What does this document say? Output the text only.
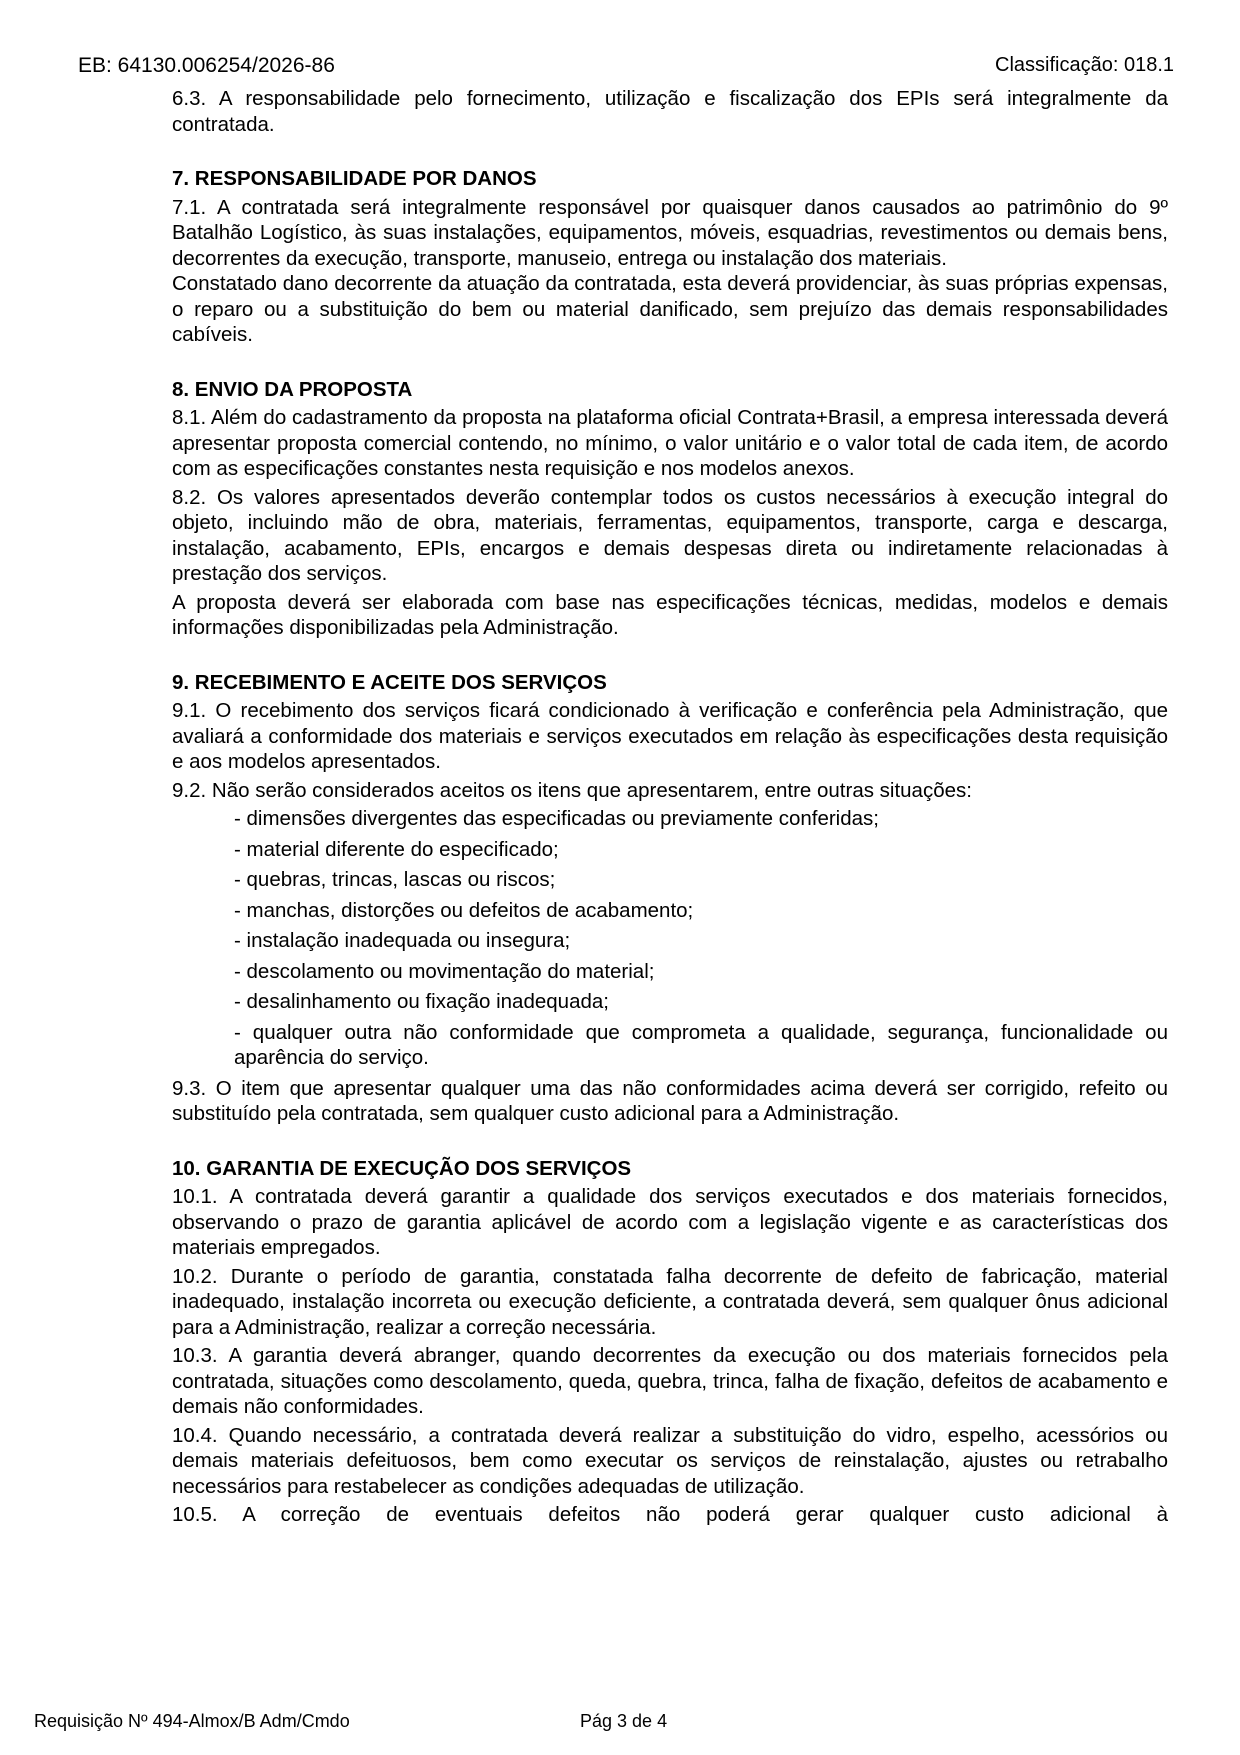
EB: 64130.006254/2026-86	Classificação: 018.1

6.3. A responsabilidade pelo fornecimento, utilização e fiscalização dos EPIs será integralmente da contratada.

7. RESPONSABILIDADE POR DANOS

7.1. A contratada será integralmente responsável por quaisquer danos causados ao patrimônio do 9º Batalhão Logístico, às suas instalações, equipamentos, móveis, esquadrias, revestimentos ou demais bens, decorrentes da execução, transporte, manuseio, entrega ou instalação dos materiais.

Constatado dano decorrente da atuação da contratada, esta deverá providenciar, às suas próprias expensas, o reparo ou a substituição do bem ou material danificado, sem prejuízo das demais responsabilidades cabíveis.

8. ENVIO DA PROPOSTA

8.1. Além do cadastramento da proposta na plataforma oficial Contrata+Brasil, a empresa interessada deverá apresentar proposta comercial contendo, no mínimo, o valor unitário e o valor total de cada item, de acordo com as especificações constantes nesta requisição e nos modelos anexos.

8.2. Os valores apresentados deverão contemplar todos os custos necessários à execução integral do objeto, incluindo mão de obra, materiais, ferramentas, equipamentos, transporte, carga e descarga, instalação, acabamento, EPIs, encargos e demais despesas direta ou indiretamente relacionadas à prestação dos serviços.

A proposta deverá ser elaborada com base nas especificações técnicas, medidas, modelos e demais informações disponibilizadas pela Administração.

9. RECEBIMENTO E ACEITE DOS SERVIÇOS

9.1. O recebimento dos serviços ficará condicionado à verificação e conferência pela Administração, que avaliará a conformidade dos materiais e serviços executados em relação às especificações desta requisição e aos modelos apresentados.

9.2. Não serão considerados aceitos os itens que apresentarem, entre outras situações:

- dimensões divergentes das especificadas ou previamente conferidas;
- material diferente do especificado;
- quebras, trincas, lascas ou riscos;
- manchas, distorções ou defeitos de acabamento;
- instalação inadequada ou insegura;
- descolamento ou movimentação do material;
- desalinhamento ou fixação inadequada;
- qualquer outra não conformidade que comprometa a qualidade, segurança, funcionalidade ou aparência do serviço.

9.3. O item que apresentar qualquer uma das não conformidades acima deverá ser corrigido, refeito ou substituído pela contratada, sem qualquer custo adicional para a Administração.

10. GARANTIA DE EXECUÇÃO DOS SERVIÇOS

10.1. A contratada deverá garantir a qualidade dos serviços executados e dos materiais fornecidos, observando o prazo de garantia aplicável de acordo com a legislação vigente e as características dos materiais empregados.

10.2. Durante o período de garantia, constatada falha decorrente de defeito de fabricação, material inadequado, instalação incorreta ou execução deficiente, a contratada deverá, sem qualquer ônus adicional para a Administração, realizar a correção necessária.

10.3. A garantia deverá abranger, quando decorrentes da execução ou dos materiais fornecidos pela contratada, situações como descolamento, queda, quebra, trinca, falha de fixação, defeitos de acabamento e demais não conformidades.

10.4. Quando necessário, a contratada deverá realizar a substituição do vidro, espelho, acessórios ou demais materiais defeituosos, bem como executar os serviços de reinstalação, ajustes ou retrabalho necessários para restabelecer as condições adequadas de utilização.

10.5. A correção de eventuais defeitos não poderá gerar qualquer custo adicional à

Requisição Nº 494-Almox/B Adm/Cmdo	Pág 3 de 4
